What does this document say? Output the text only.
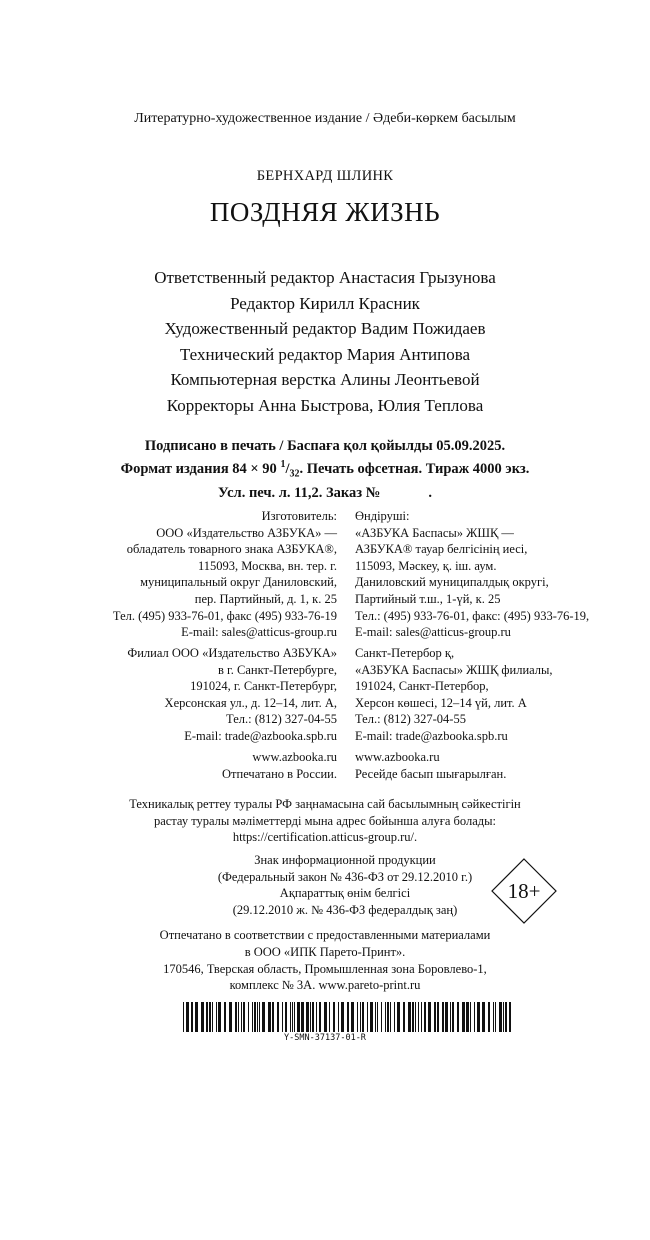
Литературно-художественное издание / Әдеби-көркем басылым
БЕРНХАРД ШЛИНК
ПОЗДНЯЯ ЖИЗНЬ
Ответственный редактор Анастасия Грызунова
Редактор Кирилл Красник
Художественный редактор Вадим Пожидаев
Технический редактор Мария Антипова
Компьютерная верстка Алины Леонтьевой
Корректоры Анна Быстрова, Юлия Теплова
Подписано в печать / Баспаға қол қойылды 05.09.2025.
Формат издания 84 × 90 $^1/_{32}$. Печать офсетная. Тираж 4000 экз.
Усл. печ. л. 11,2. Заказ №	.
Изготовитель:
ООО «Издательство АЗБУКА» —
обладатель товарного знака АЗБУКА®,
115093, Москва, вн. тер. г.
муниципальный округ Даниловский,
пер. Партийный, д. 1, к. 25
Тел. (495) 933-76-01, факс (495) 933-76-19
E-mail: sales@atticus-group.ru
Өндіруші:
«АЗБУКА Баспасы» ЖШҚ —
АЗБУКА® тауар белгісінің иесі,
115093, Мәскеу, қ. іш. аум.
Даниловский муниципалдық округі,
Партийный т.ш., 1-үй, к. 25
Тел.: (495) 933-76-01, факс: (495) 933-76-19,
E-mail: sales@atticus-group.ru
Филиал ООО «Издательство АЗБУКА»
в г. Санкт-Петербурге,
191024, г. Санкт-Петербург,
Херсонская ул., д. 12–14, лит. А,
Тел.: (812) 327-04-55
E-mail: trade@azbooka.spb.ru
Санкт-Петербор қ,
«АЗБУКА Баспасы» ЖШҚ филиалы,
191024, Санкт-Петербор,
Херсон көшесі, 12–14 үй, лит. А
Тел.: (812) 327-04-55
E-mail: trade@azbooka.spb.ru
www.azbooka.ru
Отпечатано в России.
www.azbooka.ru
Ресейде басып шығарылған.
Техникалық реттеу туралы РФ заңнамасына сай басылымның сәйкестігін
растау туралы мәліметтерді мына адрес бойынша алуға болады:
https://certification.atticus-group.ru/.
Знак информационной продукции
(Федеральный закон № 436-ФЗ от 29.12.2010 г.)
Ақпараттық өнім белгісі
(29.12.2010 ж. № 436-ФЗ федералдық заң)
18+
Отпечатано в соответствии с предоставленными материалами
в ООО «ИПК Парето-Принт».
170546, Тверская область, Промышленная зона Боровлево-1,
комплекс № 3А. www.pareto-print.ru
Y-SMN-37137-01-R
